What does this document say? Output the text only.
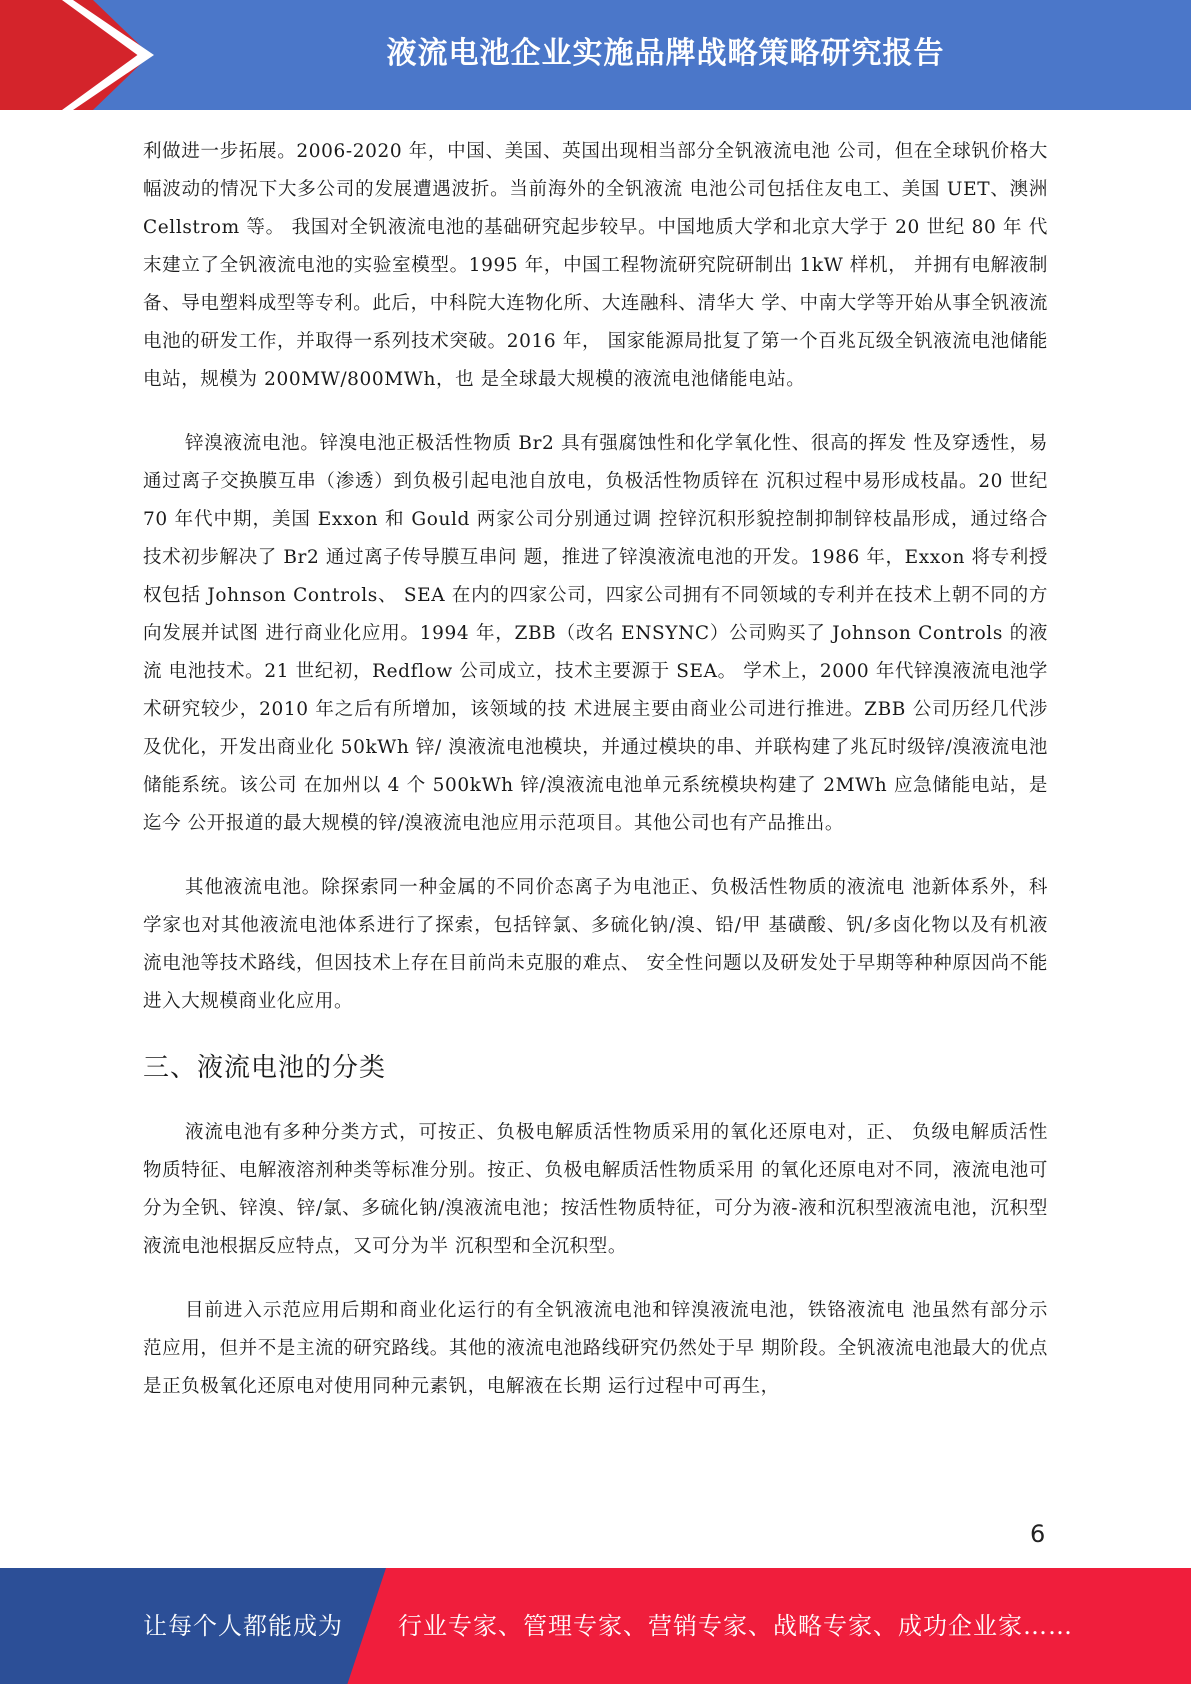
液流电池企业实施品牌战略策略研究报告

利做进一步拓展。2006-2020 年，中国、美国、英国出现相当部分全钒液流电池 公司，但在全球钒价格大幅波动的情况下大多公司的发展遭遇波折。当前海外的全钒液流 电池公司包括住友电工、美国 UET、澳洲 Cellstrom 等。 我国对全钒液流电池的基础研究起步较早。中国地质大学和北京大学于 20 世纪 80 年 代末建立了全钒液流电池的实验室模型。1995 年，中国工程物流研究院研制出 1kW 样机， 并拥有电解液制备、导电塑料成型等专利。此后，中科院大连物化所、大连融科、清华大 学、中南大学等开始从事全钒液流电池的研发工作，并取得一系列技术突破。2016 年， 国家能源局批复了第一个百兆瓦级全钒液流电池储能电站，规模为 200MW/800MWh，也 是全球最大规模的液流电池储能电站。

锌溴液流电池。锌溴电池正极活性物质 Br2 具有强腐蚀性和化学氧化性、很高的挥发 性及穿透性，易通过离子交换膜互串（渗透）到负极引起电池自放电，负极活性物质锌在 沉积过程中易形成枝晶。20 世纪 70 年代中期，美国 Exxon 和 Gould 两家公司分别通过调 控锌沉积形貌控制抑制锌枝晶形成，通过络合技术初步解决了 Br2 通过离子传导膜互串问 题，推进了锌溴液流电池的开发。1986 年，Exxon 将专利授权包括 Johnson Controls、 SEA 在内的四家公司，四家公司拥有不同领域的专利并在技术上朝不同的方向发展并试图 进行商业化应用。1994 年，ZBB（改名 ENSYNC）公司购买了 Johnson Controls 的液流 电池技术。21 世纪初，Redflow 公司成立，技术主要源于 SEA。 学术上，2000 年代锌溴液流电池学术研究较少，2010 年之后有所增加，该领域的技 术进展主要由商业公司进行推进。ZBB 公司历经几代涉及优化，开发出商业化 50kWh 锌/ 溴液流电池模块，并通过模块的串、并联构建了兆瓦时级锌/溴液流电池储能系统。该公司 在加州以 4 个 500kWh 锌/溴液流电池单元系统模块构建了 2MWh 应急储能电站，是迄今 公开报道的最大规模的锌/溴液流电池应用示范项目。其他公司也有产品推出。

其他液流电池。除探索同一种金属的不同价态离子为电池正、负极活性物质的液流电 池新体系外，科学家也对其他液流电池体系进行了探索，包括锌氯、多硫化钠/溴、铅/甲 基磺酸、钒/多卤化物以及有机液流电池等技术路线，但因技术上存在目前尚未克服的难点、 安全性问题以及研发处于早期等种种原因尚不能进入大规模商业化应用。

三、液流电池的分类

液流电池有多种分类方式，可按正、负极电解质活性物质采用的氧化还原电对，正、 负级电解质活性物质特征、电解液溶剂种类等标准分别。按正、负极电解质活性物质采用 的氧化还原电对不同，液流电池可分为全钒、锌溴、锌/氯、多硫化钠/溴液流电池；按活性物质特征，可分为液-液和沉积型液流电池，沉积型液流电池根据反应特点，又可分为半 沉积型和全沉积型。

目前进入示范应用后期和商业化运行的有全钒液流电池和锌溴液流电池，铁铬液流电 池虽然有部分示范应用，但并不是主流的研究路线。其他的液流电池路线研究仍然处于早 期阶段。全钒液流电池最大的优点是正负极氧化还原电对使用同种元素钒，电解液在长期 运行过程中可再生，

6
让每个人都能成为 行业专家、管理专家、营销专家、战略专家、成功企业家……
